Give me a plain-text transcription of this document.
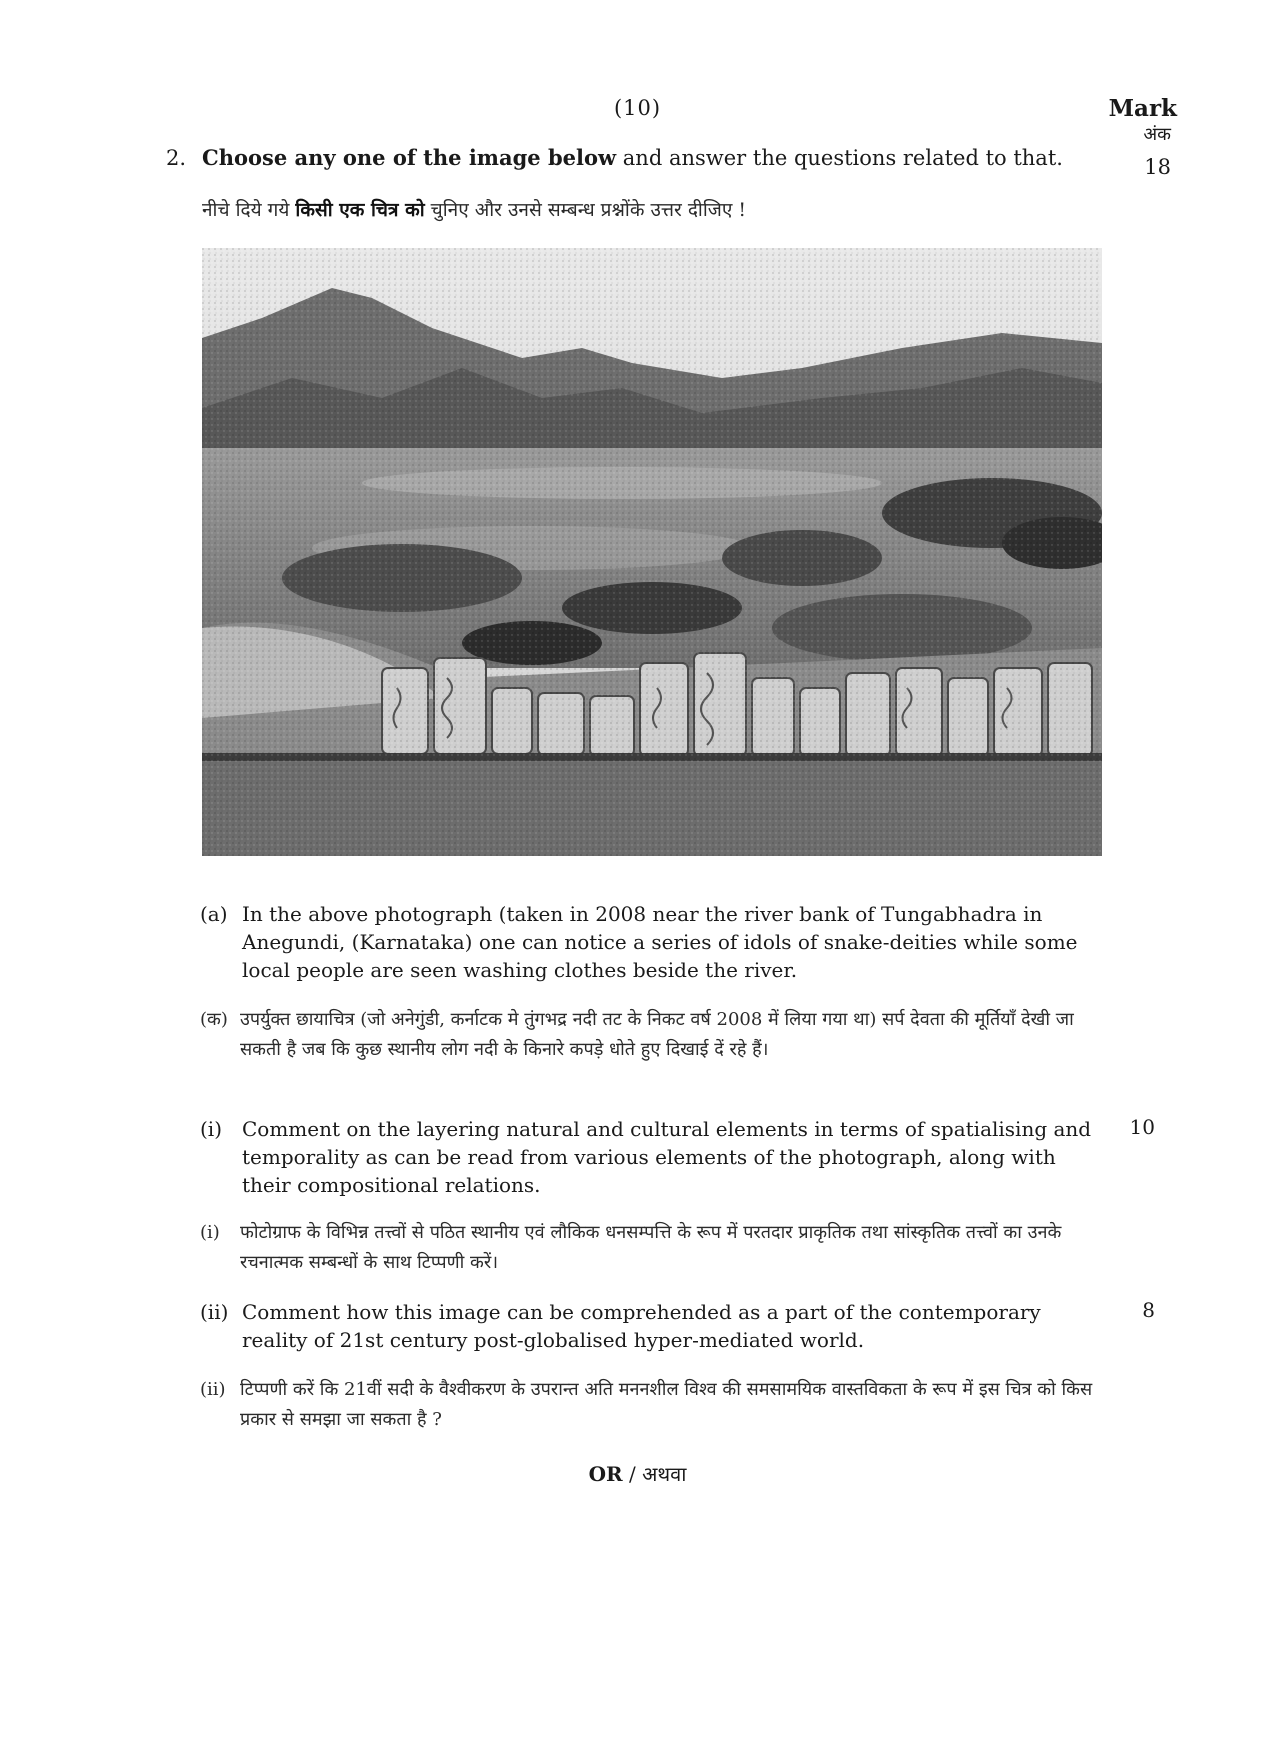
(10)	Mark
अंक
18
2. Choose any one of the image below and answer the questions related to that.
नीचे दिये गये किसी एक चित्र को चुनिए और उनसे सम्बन्ध प्रश्नोंके उत्तर दीजिए !
(a) In the above photograph (taken in 2008 near the river bank of Tungabhadra in Anegundi, (Karnataka) one can notice a series of idols of snake-deities while some local people are seen washing clothes beside the river.
(क) उपर्युक्त छायाचित्र (जो अनेगुंडी, कर्नाटक मे तुंगभद्र नदी तट के निकट वर्ष 2008 में लिया गया था) सर्प देवता की मूर्तियाँ देखी जा सकती है जब कि कुछ स्थानीय लोग नदी के किनारे कपड़े धोते हुए दिखाई दें रहे हैं।
(i) Comment on the layering natural and cultural elements in terms of spatialising and temporality as can be read from various elements of the photograph, along with their compositional relations.
10
(i) फोटोग्राफ के विभिन्न तत्त्वों से पठित स्थानीय एवं लौकिक धनसम्पत्ति के रूप में परतदार प्राकृतिक तथा सांस्कृतिक तत्त्वों का उनके रचनात्मक सम्बन्धों के साथ टिप्पणी करें।
(ii) Comment how this image can be comprehended as a part of the contemporary reality of 21st century post-globalised hyper-mediated world.
8
(ii) टिप्पणी करें कि 21वीं सदी के वैश्वीकरण के उपरान्त अति मननशील विश्व की समसामयिक वास्तविकता के रूप में इस चित्र को किस प्रकार से समझा जा सकता है ?
OR / अथवा
